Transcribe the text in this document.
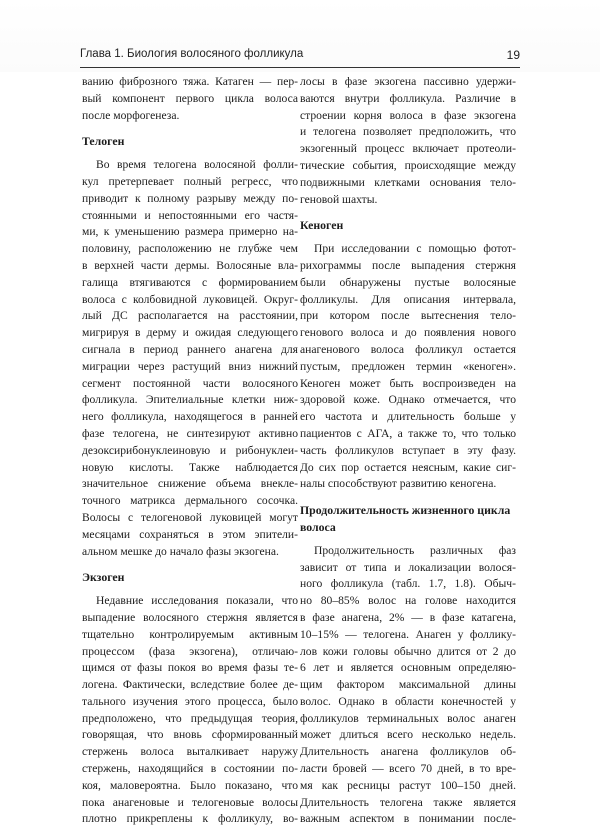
Глава 1. Биология волосяного фолликула	19
ванию фиброзного тяжа. Катаген — пер-
вый компонент первого цикла волоса
после морфогенеза.
Телоген
Во время телогена волосяной фолли-
кул претерпевает полный регресс, что
приводит к полному разрыву между по-
стоянными и непостоянными его частя-
ми, к уменьшению размера примерно на-
половину, расположению не глубже чем
в верхней части дермы. Волосяные вла-
галища втягиваются с формированием
волоса с колбовидной луковицей. Округ-
лый ДС располагается на расстоянии,
мигрируя в дерму и ожидая следующего
сигнала в период раннего анагена для
миграции через растущий вниз нижний
сегмент постоянной части волосяного
фолликула. Эпителиальные клетки ниж-
него фолликула, находящегося в ранней
фазе телогена, не синтезируют активно
дезоксирибонуклеиновую и рибонуклеи-
новую кислоты. Также наблюдается
значительное снижение объема внекле-
точного матрикса дермального сосочка.
Волосы с телогеновой луковицей могут
месяцами сохраняться в этом эпители-
альном мешке до начало фазы экзогена.
Экзоген
Недавние исследования показали, что
выпадение волосяного стержня является
тщательно контролируемым активным
процессом (фаза экзогена), отличаю-
щимся от фазы покоя во время фазы те-
логена. Фактически, вследствие более де-
тального изучения этого процесса, было
предположено, что предыдущая теория,
говорящая, что вновь сформированный
стержень волоса выталкивает наружу
стержень, находящийся в состоянии по-
коя, маловероятна. Было показано, что
пока анагеновые и телогеновые волосы
плотно прикреплены к фолликулу, во-
лосы в фазе экзогена пассивно удержи-
ваются внутри фолликула. Различие в
строении корня волоса в фазе экзогена
и телогена позволяет предположить, что
экзогенный процесс включает протеоли-
тические события, происходящие между
подвижными клетками основания тело-
геновой шахты.
Кеноген
При исследовании с помощью фотот-
рихограммы после выпадения стержня
были обнаружены пустые волосяные
фолликулы. Для описания интервала,
при котором после вытеснения телo-
генового волоса и до появления нового
анагенового волоса фолликул остается
пустым, предложен термин «кеноген».
Кеноген может быть воспроизведен на
здоровой коже. Однако отмечается, что
его частота и длительность больше у
пациентов с АГА, а также то, что только
часть фолликулов вступает в эту фазу.
До сих пор остается неясным, какие сиг-
налы способствуют развитию кеногена.
Продолжительность жизненного цикла волоса
Продолжительность различных фаз
зависит от типа и локализации волося-
ного фолликула (табл. 1.7, 1.8). Обыч-
но 80–85% волос на голове находится
в фазе анагена, 2% — в фазе катагена,
10–15% — телогена. Анаген у фоллику-
лов кожи головы обычно длится от 2 до
6 лет и является основным определяю-
щим фактором максимальной длины
волос. Однако в области конечностей у
фолликулов терминальных волос анаген
может длиться всего несколько недель.
Длительность анагена фолликулов об-
ласти бровей — всего 70 дней, в то вре-
мя как ресницы растут 100–150 дней.
Длительность телогена также является
важным аспектом в понимании после-
